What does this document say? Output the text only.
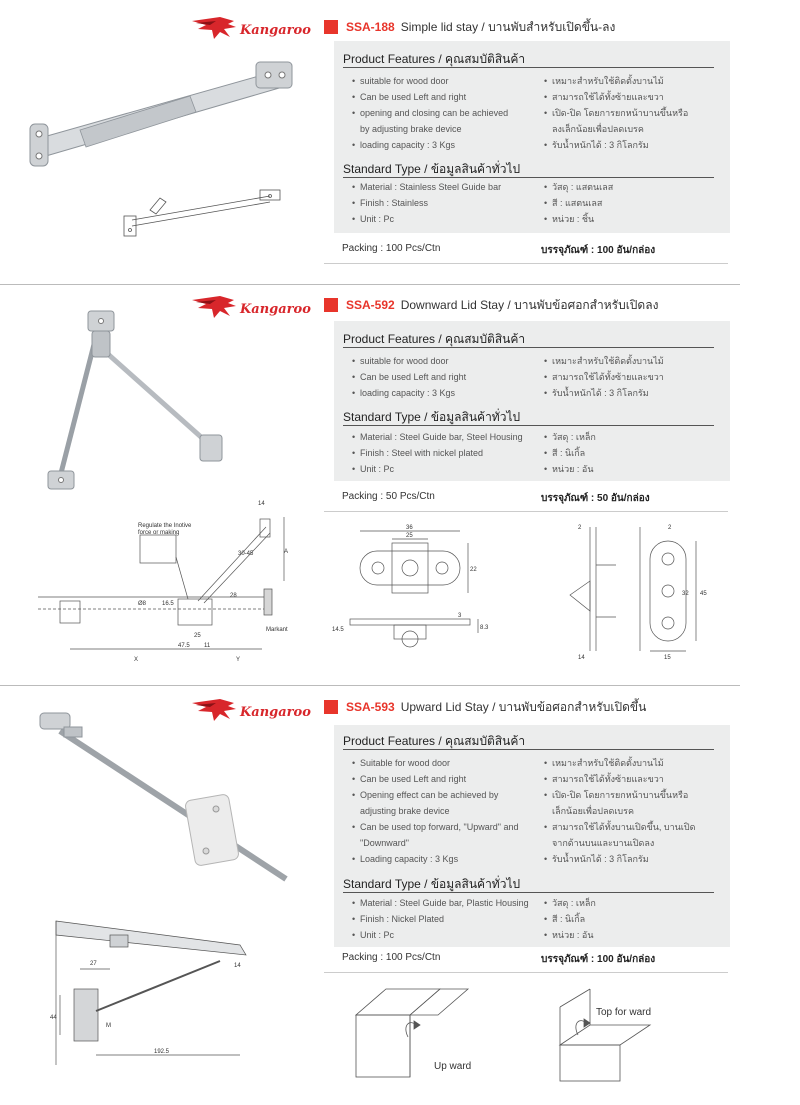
Kangaroo	SSA-188 Simple lid stay / บานพับสำหรับเปิดขึ้น-ลง
Product Features / คุณสมบัติสินค้า
• suitable for wood door
• Can be used Left and right
• opening and closing can be achieved
by adjusting brake device
• loading capacity : 3 Kgs
• เหมาะสำหรับใช้ติดตั้งบานไม้
• สามารถใช้ได้ทั้งซ้ายและขวา
• เปิด-ปิด โดยการยกหน้าบานขึ้นหรือ
ลงเล็กน้อยเพื่อปลดเบรค
• รับน้ำหนักได้ : 3 กิโลกรัม
Standard Type / ข้อมูลสินค้าทั่วไป
• Material : Stainless Steel Guide bar
• Finish : Stainless
• Unit : Pc
• วัสดุ : แสตนเลส
• สี : แสตนเลส
• หน่วย : ชิ้น
Packing : 100 Pcs/Ctn	บรรจุภัณฑ์ : 100 อัน/กล่อง
Kangaroo	SSA-592 Downward Lid Stay / บานพับข้อศอกสำหรับเปิดลง
Regulate the Inotive
force or making
14
A
30-45
Ø8	16.5
28
25
47.5 11
X	Y
Markant
Product Features / คุณสมบัติสินค้า
• suitable for wood door
• Can be used Left and right
• loading capacity : 3 Kgs
• เหมาะสำหรับใช้ติดตั้งบานไม้
• สามารถใช้ได้ทั้งซ้ายและขวา
• รับน้ำหนักได้ : 3 กิโลกรัม
Standard Type / ข้อมูลสินค้าทั่วไป
• Material : Steel Guide bar, Steel Housing
• Finish : Steel with nickel plated
• Unit : Pc
• วัสดุ : เหล็ก
• สี : นิเกิ้ล
• หน่วย : อัน
Packing : 50 Pcs/Ctn	บรรจุภัณฑ์ : 50 อัน/กล่อง
36
25
22
3
14.5	8.3
2
14
2
32 45
15
Kangaroo	SSA-593 Upward Lid Stay / บานพับข้อศอกสำหรับเปิดขึ้น
27
44
14
M
192.5
Product Features / คุณสมบัติสินค้า
• Suitable for wood door
• Can be used Left and right
• Opening effect can be achieved by
adjusting brake device
• Can be used top forward, "Upward" and
"Downward"
• Loading capacity : 3 Kgs
• เหมาะสำหรับใช้ติดตั้งบานไม้
• สามารถใช้ได้ทั้งซ้ายและขวา
• เปิด-ปิด โดยการยกหน้าบานขึ้นหรือ
เล็กน้อยเพื่อปลดเบรค
• สามารถใช้ได้ทั้งบานเปิดขึ้น, บานเปิด
จากด้านบนและบานเปิดลง
• รับน้ำหนักได้ : 3 กิโลกรัม
Standard Type / ข้อมูลสินค้าทั่วไป
• Material : Steel Guide bar, Plastic Housing
• Finish : Nickel Plated
• Unit : Pc
• วัสดุ : เหล็ก
• สี : นิเกิ้ล
• หน่วย : อัน
Packing : 100 Pcs/Ctn	บรรจุภัณฑ์ : 100 อัน/กล่อง
Up ward
Top for ward
